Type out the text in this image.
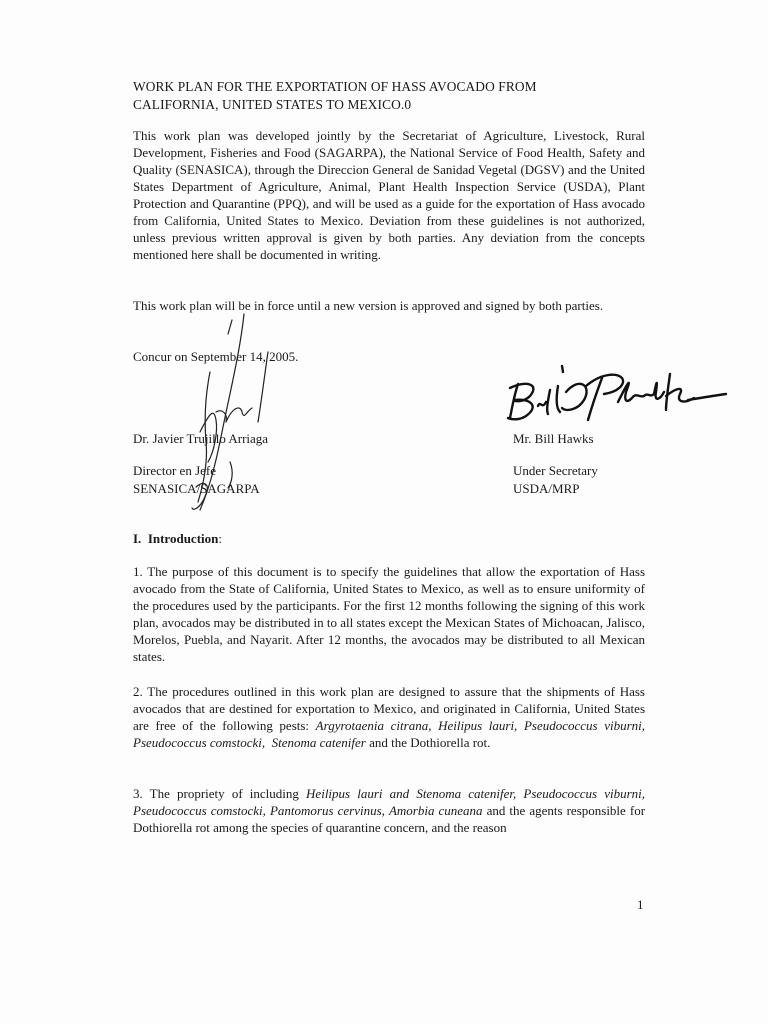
WORK PLAN FOR THE EXPORTATION OF HASS AVOCADO FROM
CALIFORNIA, UNITED STATES TO MEXICO.0
This work plan was developed jointly by the Secretariat of Agriculture, Livestock, Rural Development, Fisheries and Food (SAGARPA), the National Service of Food Health, Safety and Quality (SENASICA), through the Direccion General de Sanidad Vegetal (DGSV) and the United States Department of Agriculture, Animal, Plant Health Inspection Service (USDA), Plant Protection and Quarantine (PPQ), and will be used as a guide for the exportation of Hass avocado from California, United States to Mexico. Deviation from these guidelines is not authorized, unless previous written approval is given by both parties. Any deviation from the concepts mentioned here shall be documented in writing.
This work plan will be in force until a new version is approved and signed by both parties.
Concur on September 14, 2005.
Dr. Javier Trujillo Arriaga
Director en Jefe
SENASICA/SAGARPA
Mr. Bill Hawks
Under Secretary
USDA/MRP
I. Introduction:
1. The purpose of this document is to specify the guidelines that allow the exportation of Hass avocado from the State of California, United States to Mexico, as well as to ensure uniformity of the procedures used by the participants. For the first 12 months following the signing of this work plan, avocados may be distributed in to all states except the Mexican States of Michoacan, Jalisco, Morelos, Puebla, and Nayarit. After 12 months, the avocados may be distributed to all Mexican states.
2. The procedures outlined in this work plan are designed to assure that the shipments of Hass avocados that are destined for exportation to Mexico, and originated in California, United States are free of the following pests: Argyrotaenia citrana, Heilipus lauri, Pseudococcus viburni, Pseudococcus comstocki, Stenoma catenifer and the Dothiorella rot.
3. The propriety of including Heilipus lauri and Stenoma catenifer, Pseudococcus viburni, Pseudococcus comstocki, Pantomorus cervinus, Amorbia cuneana and the agents responsible for Dothiorella rot among the species of quarantine concern, and the reason
1
